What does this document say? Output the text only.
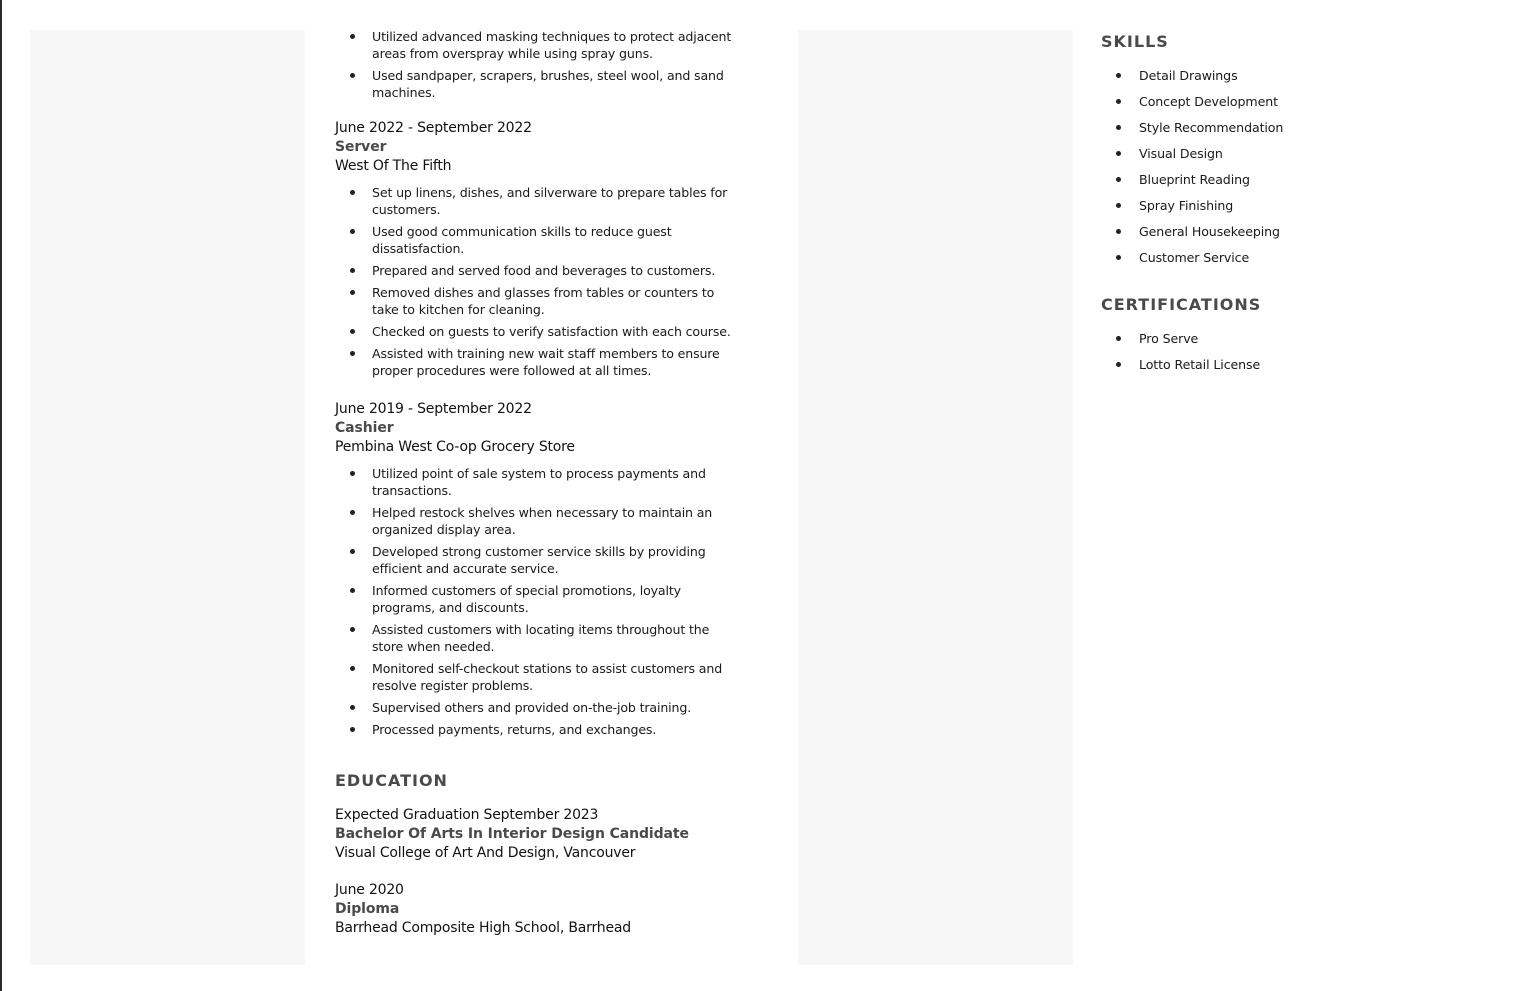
Utilized advanced masking techniques to protect adjacent areas from overspray while using spray guns.
Used sandpaper, scrapers, brushes, steel wool, and sand machines.
June 2022 - September 2022
Server
West Of The Fifth
Set up linens, dishes, and silverware to prepare tables for customers.
Used good communication skills to reduce guest dissatisfaction.
Prepared and served food and beverages to customers.
Removed dishes and glasses from tables or counters to take to kitchen for cleaning.
Checked on guests to verify satisfaction with each course.
Assisted with training new wait staff members to ensure proper procedures were followed at all times.
June 2019 - September 2022
Cashier
Pembina West Co-op Grocery Store
Utilized point of sale system to process payments and transactions.
Helped restock shelves when necessary to maintain an organized display area.
Developed strong customer service skills by providing efficient and accurate service.
Informed customers of special promotions, loyalty programs, and discounts.
Assisted customers with locating items throughout the store when needed.
Monitored self-checkout stations to assist customers and resolve register problems.
Supervised others and provided on-the-job training.
Processed payments, returns, and exchanges.
EDUCATION
Expected Graduation September 2023
Bachelor Of Arts In Interior Design Candidate
Visual College of Art And Design, Vancouver
June 2020
Diploma
Barrhead Composite High School, Barrhead
SKILLS
Detail Drawings
Concept Development
Style Recommendation
Visual Design
Blueprint Reading
Spray Finishing
General Housekeeping
Customer Service
CERTIFICATIONS
Pro Serve
Lotto Retail License
